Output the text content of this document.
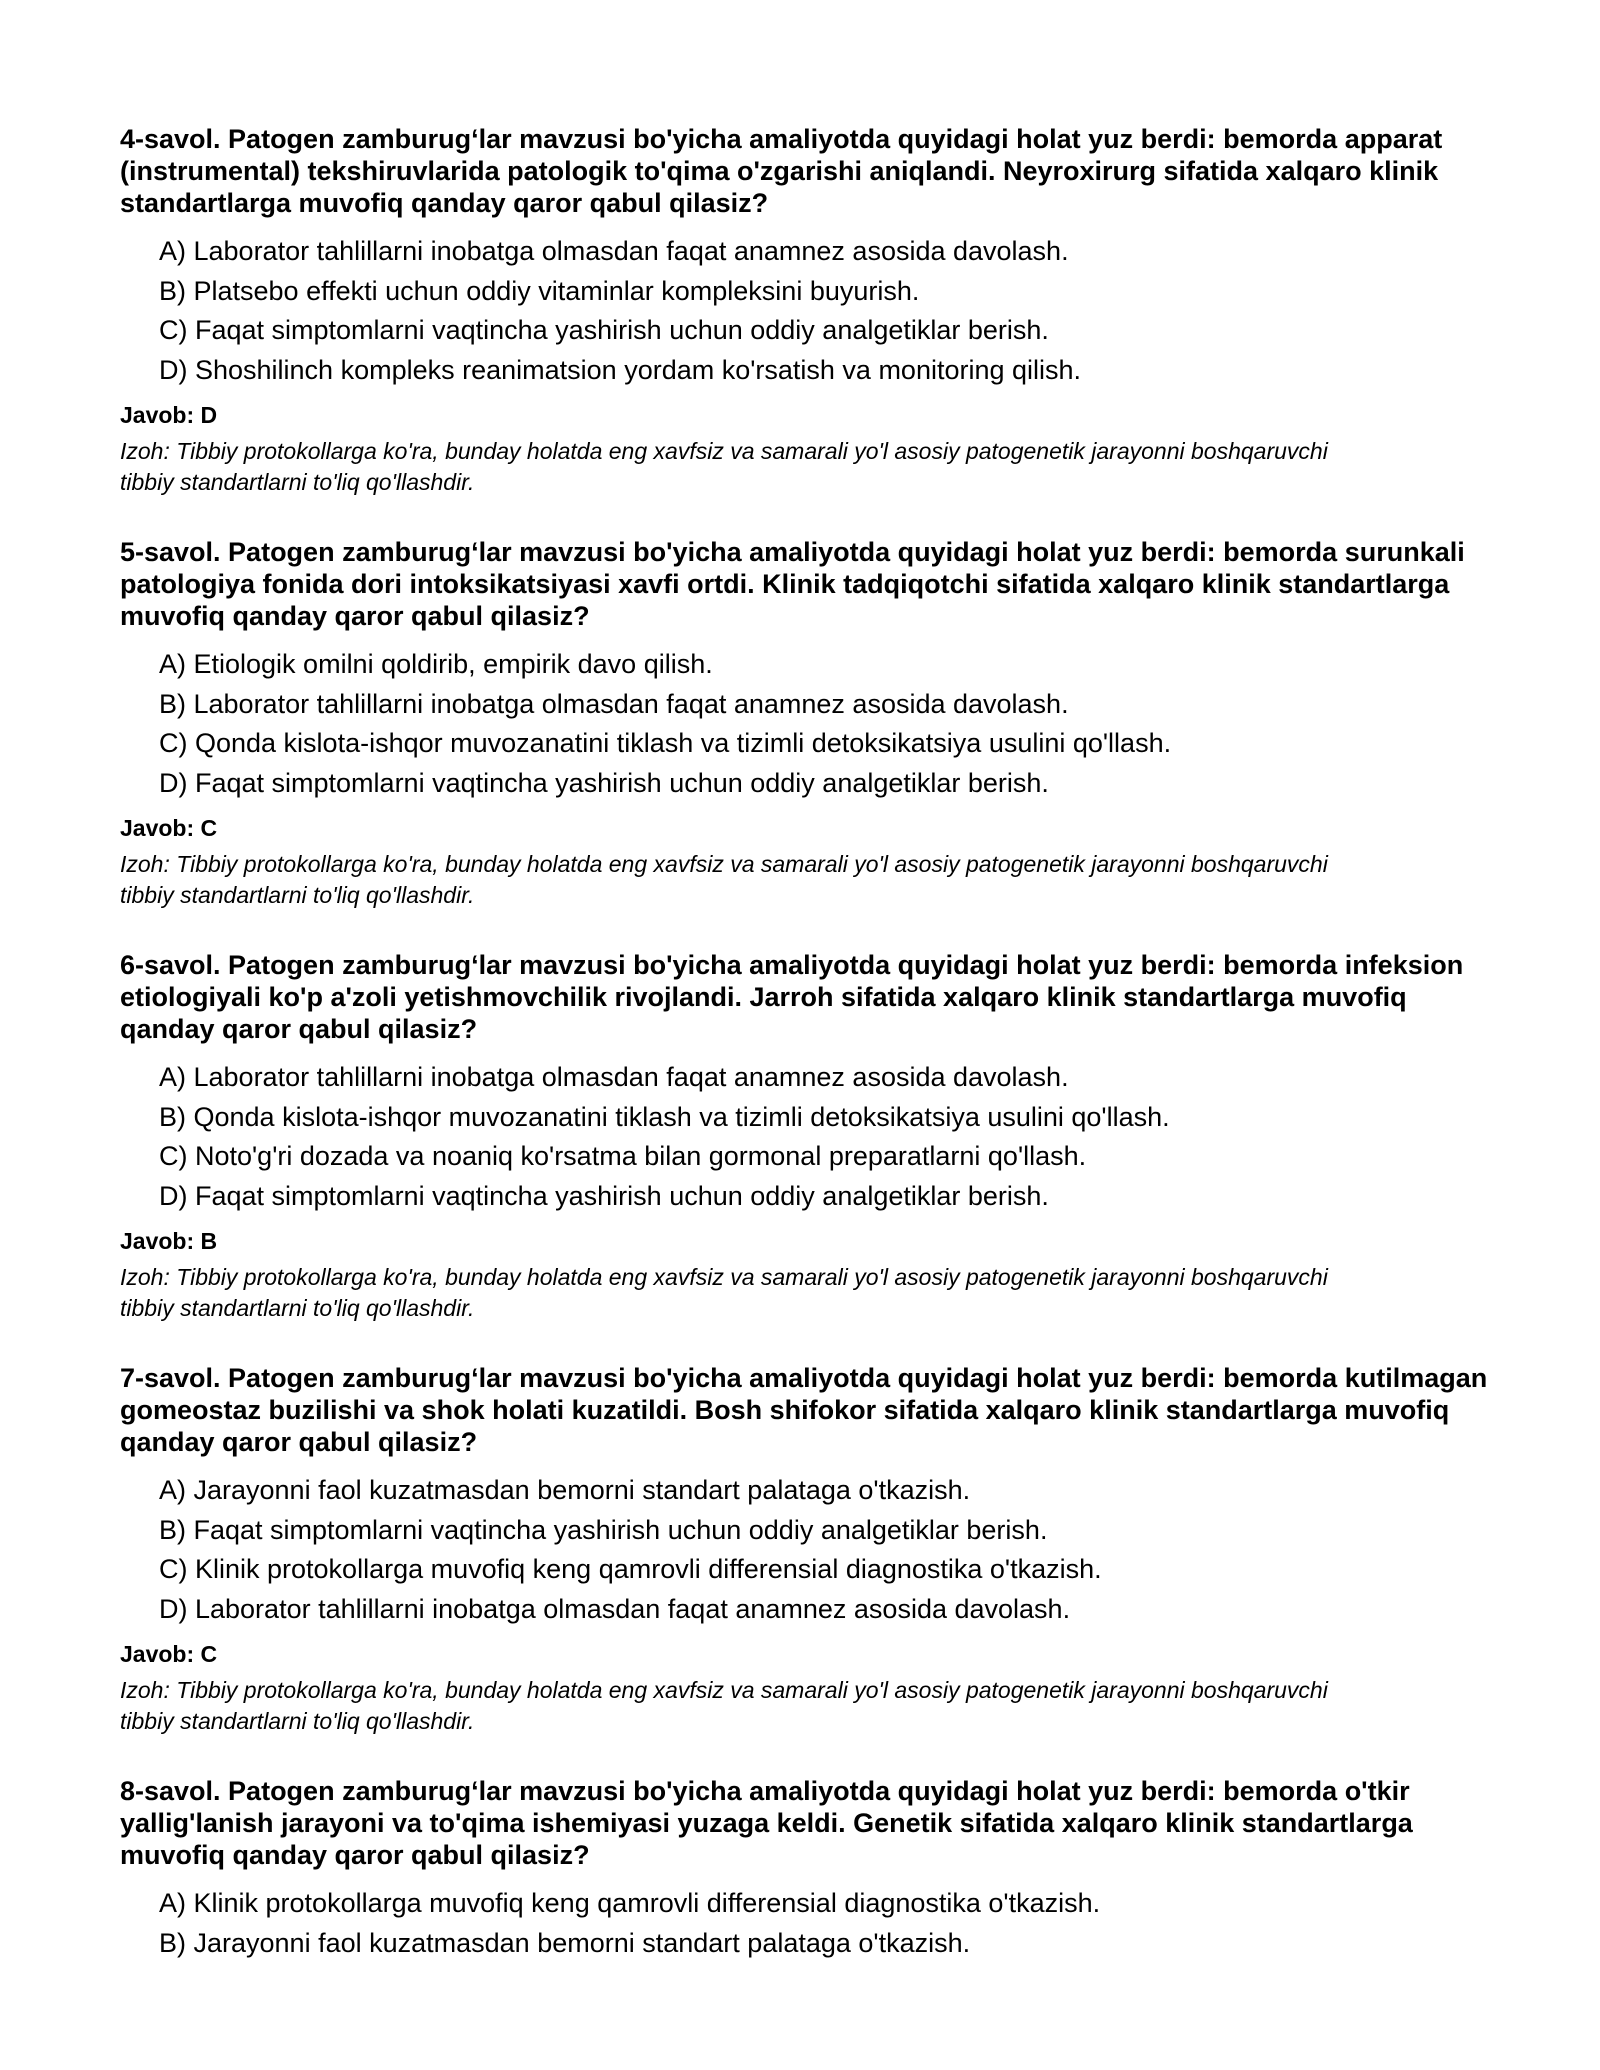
4-savol. Patogen zamburug‘lar mavzusi bo'yicha amaliyotda quyidagi holat yuz berdi: bemorda apparat (instrumental) tekshiruvlarida patologik to'qima o'zgarishi aniqlandi. Neyroxirurg sifatida xalqaro klinik standartlarga muvofiq qanday qaror qabul qilasiz?

A) Laborator tahlillarni inobatga olmasdan faqat anamnez asosida davolash.
B) Platsebo effekti uchun oddiy vitaminlar kompleksini buyurish.
C) Faqat simptomlarni vaqtincha yashirish uchun oddiy analgetiklar berish.
D) Shoshilinch kompleks reanimatsion yordam ko'rsatish va monitoring qilish.

Javob: D

Izoh: Tibbiy protokollarga ko'ra, bunday holatda eng xavfsiz va samarali yo'l asosiy patogenetik jarayonni boshqaruvchi tibbiy standartlarni to'liq qo'llashdir.

5-savol. Patogen zamburug‘lar mavzusi bo'yicha amaliyotda quyidagi holat yuz berdi: bemorda surunkali patologiya fonida dori intoksikatsiyasi xavfi ortdi. Klinik tadqiqotchi sifatida xalqaro klinik standartlarga muvofiq qanday qaror qabul qilasiz?

A) Etiologik omilni qoldirib, empirik davo qilish.
B) Laborator tahlillarni inobatga olmasdan faqat anamnez asosida davolash.
C) Qonda kislota-ishqor muvozanatini tiklash va tizimli detoksikatsiya usulini qo'llash.
D) Faqat simptomlarni vaqtincha yashirish uchun oddiy analgetiklar berish.

Javob: C

Izoh: Tibbiy protokollarga ko'ra, bunday holatda eng xavfsiz va samarali yo'l asosiy patogenetik jarayonni boshqaruvchi tibbiy standartlarni to'liq qo'llashdir.

6-savol. Patogen zamburug‘lar mavzusi bo'yicha amaliyotda quyidagi holat yuz berdi: bemorda infeksion etiologiyali ko'p a'zoli yetishmovchilik rivojlandi. Jarroh sifatida xalqaro klinik standartlarga muvofiq qanday qaror qabul qilasiz?

A) Laborator tahlillarni inobatga olmasdan faqat anamnez asosida davolash.
B) Qonda kislota-ishqor muvozanatini tiklash va tizimli detoksikatsiya usulini qo'llash.
C) Noto'g'ri dozada va noaniq ko'rsatma bilan gormonal preparatlarni qo'llash.
D) Faqat simptomlarni vaqtincha yashirish uchun oddiy analgetiklar berish.

Javob: B

Izoh: Tibbiy protokollarga ko'ra, bunday holatda eng xavfsiz va samarali yo'l asosiy patogenetik jarayonni boshqaruvchi tibbiy standartlarni to'liq qo'llashdir.

7-savol. Patogen zamburug‘lar mavzusi bo'yicha amaliyotda quyidagi holat yuz berdi: bemorda kutilmagan gomeostaz buzilishi va shok holati kuzatildi. Bosh shifokor sifatida xalqaro klinik standartlarga muvofiq qanday qaror qabul qilasiz?

A) Jarayonni faol kuzatmasdan bemorni standart palataga o'tkazish.
B) Faqat simptomlarni vaqtincha yashirish uchun oddiy analgetiklar berish.
C) Klinik protokollarga muvofiq keng qamrovli differensial diagnostika o'tkazish.
D) Laborator tahlillarni inobatga olmasdan faqat anamnez asosida davolash.

Javob: C

Izoh: Tibbiy protokollarga ko'ra, bunday holatda eng xavfsiz va samarali yo'l asosiy patogenetik jarayonni boshqaruvchi tibbiy standartlarni to'liq qo'llashdir.

8-savol. Patogen zamburug‘lar mavzusi bo'yicha amaliyotda quyidagi holat yuz berdi: bemorda o'tkir yallig'lanish jarayoni va to'qima ishemiyasi yuzaga keldi. Genetik sifatida xalqaro klinik standartlarga muvofiq qanday qaror qabul qilasiz?

A) Klinik protokollarga muvofiq keng qamrovli differensial diagnostika o'tkazish.
B) Jarayonni faol kuzatmasdan bemorni standart palataga o'tkazish.
